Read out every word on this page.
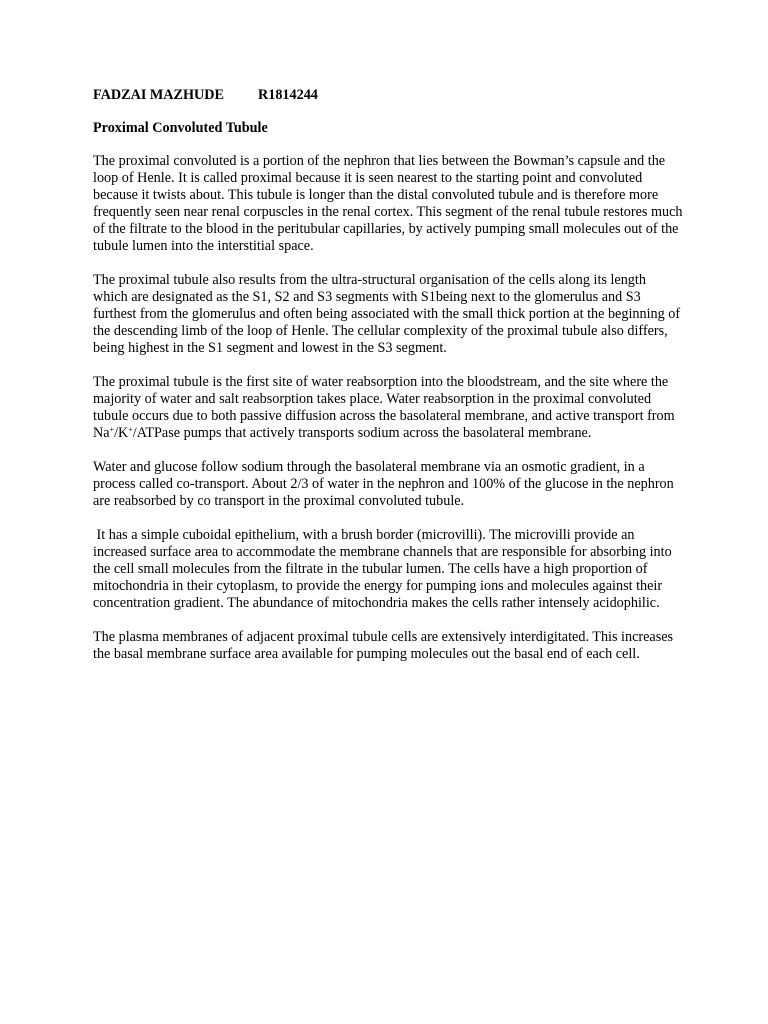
FADZAI MAZHUDE R1814244
Proximal Convoluted Tubule

The proximal convoluted is a portion of the nephron that lies between the Bowman’s capsule and the loop of Henle. It is called proximal because it is seen nearest to the starting point and convoluted because it twists about. This tubule is longer than the distal convoluted tubule and is therefore more frequently seen near renal corpuscles in the renal cortex. This segment of the renal tubule restores much of the filtrate to the blood in the peritubular capillaries, by actively pumping small molecules out of the tubule lumen into the interstitial space.

The proximal tubule also results from the ultra-structural organisation of the cells along its length which are designated as the S1, S2 and S3 segments with S1being next to the glomerulus and S3 furthest from the glomerulus and often being associated with the small thick portion at the beginning of the descending limb of the loop of Henle. The cellular complexity of the proximal tubule also differs, being highest in the S1 segment and lowest in the S3 segment.

The proximal tubule is the first site of water reabsorption into the bloodstream, and the site where the majority of water and salt reabsorption takes place. Water reabsorption in the proximal convoluted tubule occurs due to both passive diffusion across the basolateral membrane, and active transport from Na+/K+/ATPase pumps that actively transports sodium across the basolateral membrane.

Water and glucose follow sodium through the basolateral membrane via an osmotic gradient, in a process called co-transport. About 2/3 of water in the nephron and 100% of the glucose in the nephron are reabsorbed by co transport in the proximal convoluted tubule.

It has a simple cuboidal epithelium, with a brush border (microvilli). The microvilli provide an increased surface area to accommodate the membrane channels that are responsible for absorbing into the cell small molecules from the filtrate in the tubular lumen. The cells have a high proportion of mitochondria in their cytoplasm, to provide the energy for pumping ions and molecules against their concentration gradient. The abundance of mitochondria makes the cells rather intensely acidophilic.

The plasma membranes of adjacent proximal tubule cells are extensively interdigitated. This increases the basal membrane surface area available for pumping molecules out the basal end of each cell.
